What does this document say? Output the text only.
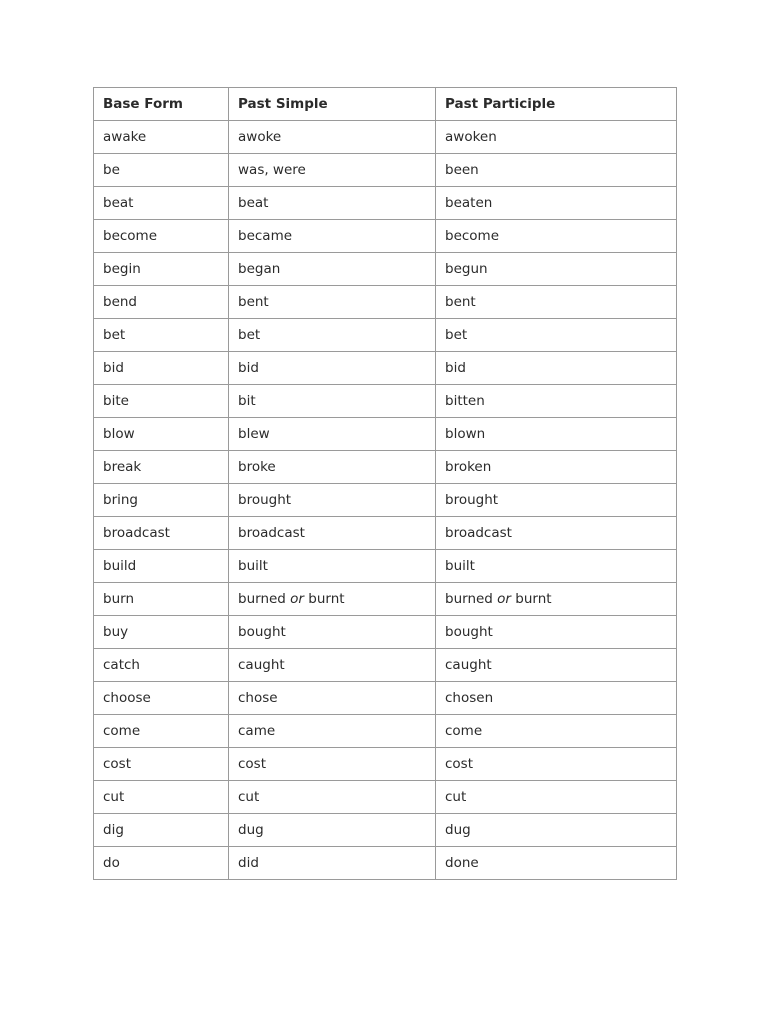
Base Form	Past Simple	Past Participle
awake	awoke	awoken
be	was, were	been
beat	beat	beaten
become	became	become
begin	began	begun
bend	bent	bent
bet	bet	bet
bid	bid	bid
bite	bit	bitten
blow	blew	blown
break	broke	broken
bring	brought	brought
broadcast	broadcast	broadcast
build	built	built
burn	burned or burnt	burned or burnt
buy	bought	bought
catch	caught	caught
choose	chose	chosen
come	came	come
cost	cost	cost
cut	cut	cut
dig	dug	dug
do	did	done
